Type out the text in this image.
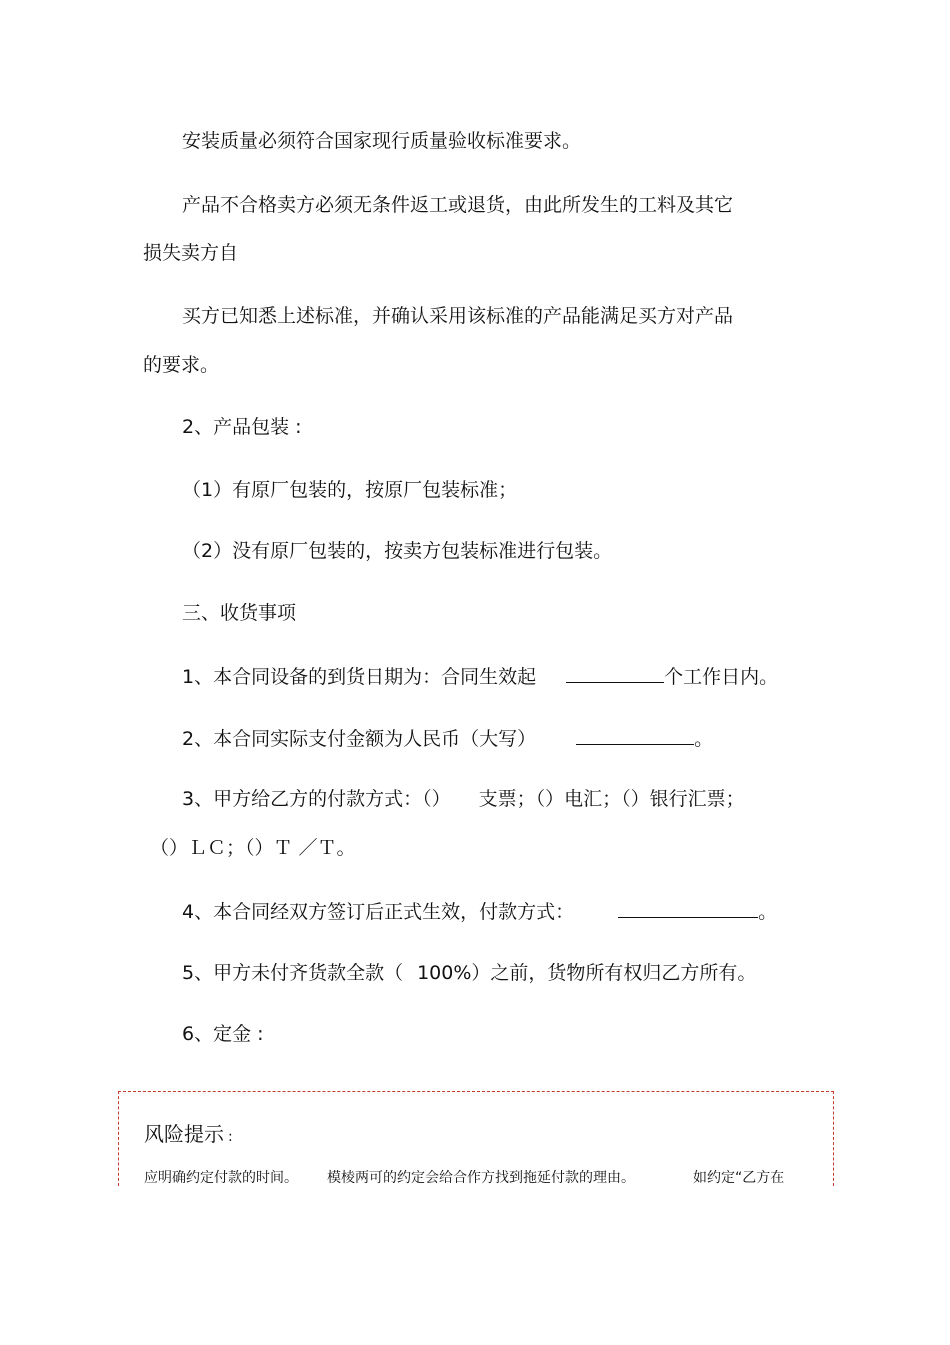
安装质量必须符合国家现行质量验收标准要求。
产品不合格卖方必须无条件返工或退货，由此所发生的工料及其它
损失卖方自
买方已知悉上述标准，并确认采用该标准的产品能满足买方对产品
的要求。
2、产品包装 :
（1）有原厂包装的，按原厂包装标准；
（2）没有原厂包装的，按卖方包装标准进行包装。
三、收货事项
1、本合同设备的到货日期为：合同生效起	个工作日内。
2、本合同实际支付金额为人民币（大写）	。
3、甲方给乙方的付款方式：（） 支票；（）电汇；（）银行汇票；
（）ＬＣ；（）Ｔ ／Ｔ。
4、本合同经双方签订后正式生效，付款方式：	。
5、甲方未付齐货款全款（ 100%）之前，货物所有权归乙方所有。
6、定金 :
风险提示 :
应明确约定付款的时间。 模棱两可的约定会给合作方找到拖延付款的理由。	如约定“乙方在
